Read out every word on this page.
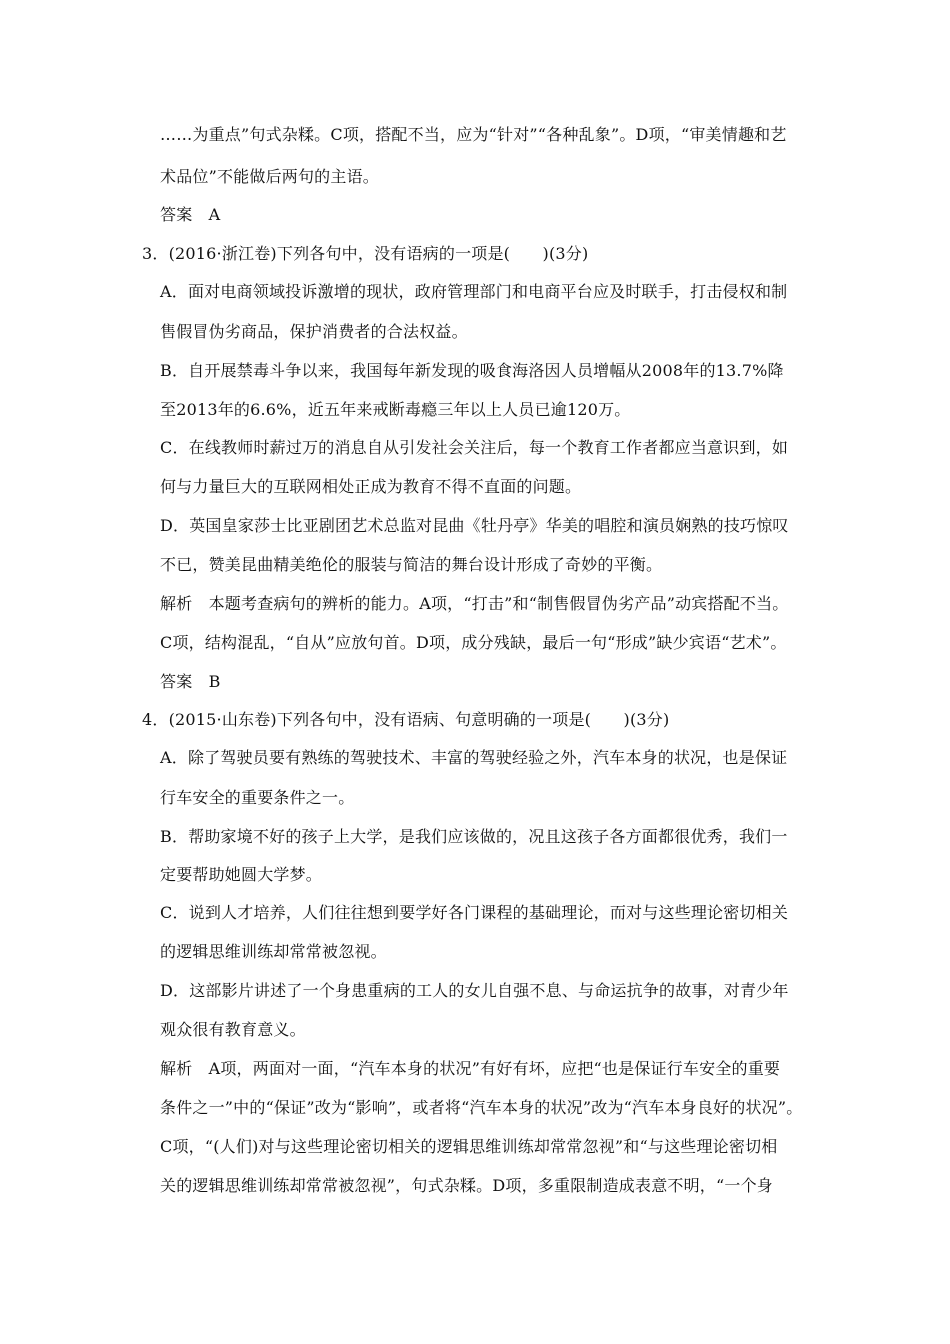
……为重点”句式杂糅。C项，搭配不当，应为“针对”“各种乱象”。D项，“审美情趣和艺
术品位”不能做后两句的主语。
答案　A
3．(2016·浙江卷)下列各句中，没有语病的一项是(　　)(3分)
A．面对电商领域投诉激增的现状，政府管理部门和电商平台应及时联手，打击侵权和制
售假冒伪劣商品，保护消费者的合法权益。
B．自开展禁毒斗争以来，我国每年新发现的吸食海洛因人员增幅从2008年的13.7%降
至2013年的6.6%，近五年来戒断毒瘾三年以上人员已逾120万。
C．在线教师时薪过万的消息自从引发社会关注后，每一个教育工作者都应当意识到，如
何与力量巨大的互联网相处正成为教育不得不直面的问题。
D．英国皇家莎士比亚剧团艺术总监对昆曲《牡丹亭》华美的唱腔和演员娴熟的技巧惊叹
不已，赞美昆曲精美绝伦的服装与简洁的舞台设计形成了奇妙的平衡。
解析　本题考查病句的辨析的能力。A项，“打击”和“制售假冒伪劣产品”动宾搭配不当。
C项，结构混乱，“自从”应放句首。D项，成分残缺，最后一句“形成”缺少宾语“艺术”。
答案　B
4．(2015·山东卷)下列各句中，没有语病、句意明确的一项是(　　)(3分)
A．除了驾驶员要有熟练的驾驶技术、丰富的驾驶经验之外，汽车本身的状况，也是保证
行车安全的重要条件之一。
B．帮助家境不好的孩子上大学，是我们应该做的，况且这孩子各方面都很优秀，我们一
定要帮助她圆大学梦。
C．说到人才培养，人们往往想到要学好各门课程的基础理论，而对与这些理论密切相关
的逻辑思维训练却常常被忽视。
D．这部影片讲述了一个身患重病的工人的女儿自强不息、与命运抗争的故事，对青少年
观众很有教育意义。
解析　A项，两面对一面，“汽车本身的状况”有好有坏，应把“也是保证行车安全的重要
条件之一”中的“保证”改为“影响”，或者将“汽车本身的状况”改为“汽车本身良好的状况”。
C项，“(人们)对与这些理论密切相关的逻辑思维训练却常常忽视”和“与这些理论密切相
关的逻辑思维训练却常常被忽视”，句式杂糅。D项，多重限制造成表意不明，“一个身
